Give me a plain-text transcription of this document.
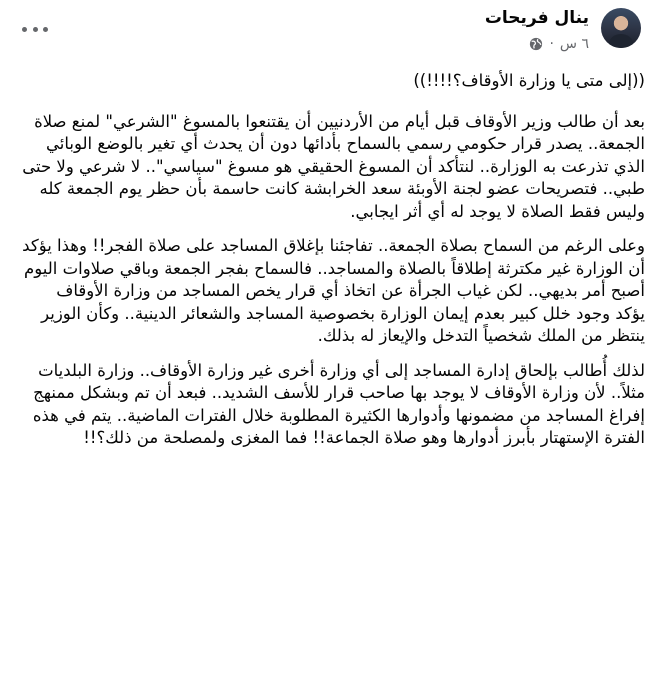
ينال فريحات
٦ س
·

((إلى متى يا وزارة الأوقاف؟!!!!))

بعد أن طالب وزير الأوقاف قبل أيام من الأردنيين أن يقتنعوا بالمسوغ "الشرعي" لمنع صلاة الجمعة.. يصدر قرار حكومي رسمي بالسماح بأدائها دون أن يحدث أي تغير بالوضع الوبائي الذي تذرعت به الوزارة.. لنتأكد أن المسوغ الحقيقي هو مسوغ "سياسي".. لا شرعي ولا حتى طبي.. فتصريحات عضو لجنة الأوبئة سعد الخرابشة كانت حاسمة بأن حظر يوم الجمعة كله وليس فقط الصلاة لا يوجد له أي أثر ايجابي.

وعلى الرغم من السماح بصلاة الجمعة.. تفاجئنا بإغلاق المساجد على صلاة الفجر!! وهذا يؤكد أن الوزارة غير مكترثة إطلاقاً بالصلاة والمساجد.. فالسماح بفجر الجمعة وباقي صلاوات اليوم أصبح أمر بديهي.. لكن غياب الجرأة عن اتخاذ أي قرار يخص المساجد من وزارة الأوقاف يؤكد وجود خلل كبير بعدم إيمان الوزارة بخصوصية المساجد والشعائر الدينية.. وكأن الوزير ينتظر من الملك شخصياً التدخل والإيعاز له بذلك.

لذلك أُطالب بإلحاق إدارة المساجد إلى أي وزارة أخرى غير وزارة الأوقاف.. وزارة البلديات مثلاً.. لأن وزارة الأوقاف لا يوجد بها صاحب قرار للأسف الشديد.. فبعد أن تم وبشكل ممنهج إفراغ المساجد من مضمونها وأدوارها الكثيرة المطلوبة خلال الفترات الماضية.. يتم في هذه الفترة الإستهتار بأبرز أدوارها وهو صلاة الجماعة!! فما المغزى ولمصلحة من ذلك؟!!
